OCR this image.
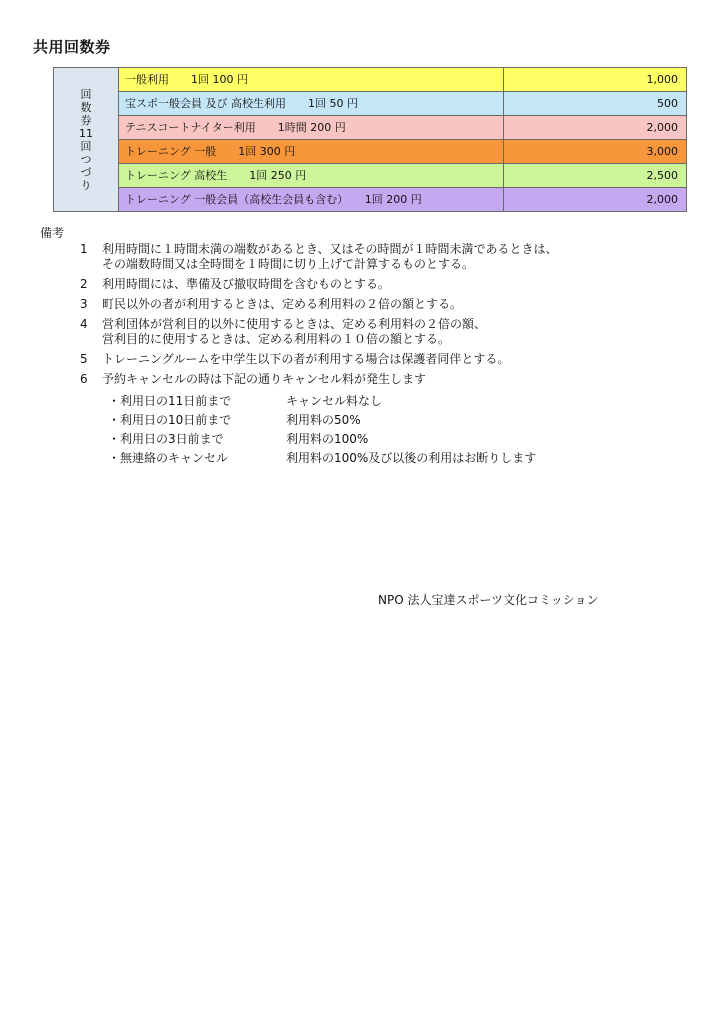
共用回数券
回数券11回つづり	一般利用　　1回 100 円	1,000
	宝スポ一般会員 及び 高校生利用　　1回 50 円	500
	テニスコートナイター利用　　1時間 200 円	2,000
	トレーニング 一般　　1回 300 円	3,000
	トレーニング 高校生　　1回 250 円	2,500
	トレーニング 一般会員（高校生会員も含む）　　1回 200 円	2,000
備考
1	利用時間に１時間未満の端数があるとき、又はその時間が１時間未満であるときは、
その端数時間又は全時間を１時間に切り上げて計算するものとする。
2	利用時間には、準備及び撤収時間を含むものとする。
3	町民以外の者が利用するときは、定める利用料の２倍の額とする。
4	営利団体が営利目的以外に使用するときは、定める利用料の２倍の額、
営利目的に使用するときは、定める利用料の１０倍の額とする。
5	トレーニングルームを中学生以下の者が利用する場合は保護者同伴とする。
6	予約キャンセルの時は下記の通りキャンセル料が発生します
・利用日の11日前まで	キャンセル料なし
・利用日の10日前まで	利用料の50%
・利用日の3日前まで	利用料の100%
・無連絡のキャンセル	利用料の100%及び以後の利用はお断りします
NPO 法人宝達スポーツ文化コミッション
